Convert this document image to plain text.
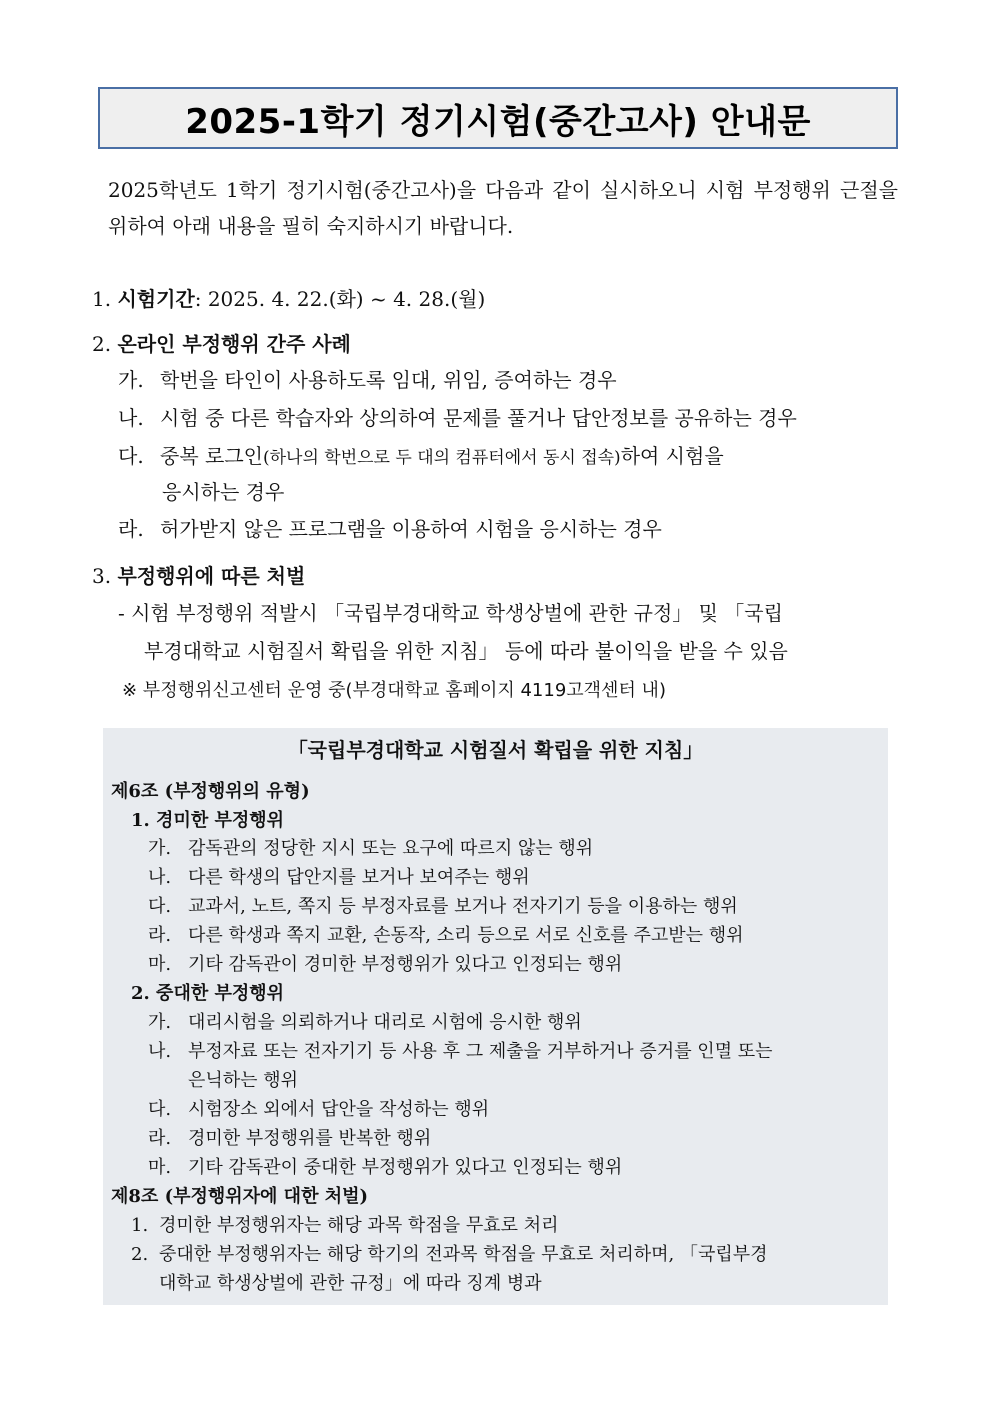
2025-1학기 정기시험(중간고사) 안내문
2025학년도 1학기 정기시험(중간고사)을 다음과 같이 실시하오니 시험 부정행위 근절을 위하여 아래 내용을 필히 숙지하시기 바랍니다.
1. 시험기간: 2025. 4. 22.(화) ~ 4. 28.(월)
2. 온라인 부정행위 간주 사례
가. 학번을 타인이 사용하도록 임대, 위임, 증여하는 경우
나. 시험 중 다른 학습자와 상의하여 문제를 풀거나 답안정보를 공유하는 경우
다. 중복 로그인(하나의 학번으로 두 대의 컴퓨터에서 동시 접속)하여 시험을
응시하는 경우
라. 허가받지 않은 프로그램을 이용하여 시험을 응시하는 경우
3. 부정행위에 따른 처벌
- 시험 부정행위 적발시 「국립부경대학교 학생상벌에 관한 규정」 및 「국립
부경대학교 시험질서 확립을 위한 지침」 등에 따라 불이익을 받을 수 있음
※ 부정행위신고센터 운영 중(부경대학교 홈페이지 4119고객센터 내)
「국립부경대학교 시험질서 확립을 위한 지침」
제6조 (부정행위의 유형)
1. 경미한 부정행위
가. 감독관의 정당한 지시 또는 요구에 따르지 않는 행위
나. 다른 학생의 답안지를 보거나 보여주는 행위
다. 교과서, 노트, 쪽지 등 부정자료를 보거나 전자기기 등을 이용하는 행위
라. 다른 학생과 쪽지 교환, 손동작, 소리 등으로 서로 신호를 주고받는 행위
마. 기타 감독관이 경미한 부정행위가 있다고 인정되는 행위
2. 중대한 부정행위
가. 대리시험을 의뢰하거나 대리로 시험에 응시한 행위
나. 부정자료 또는 전자기기 등 사용 후 그 제출을 거부하거나 증거를 인멸 또는
은닉하는 행위
다. 시험장소 외에서 답안을 작성하는 행위
라. 경미한 부정행위를 반복한 행위
마. 기타 감독관이 중대한 부정행위가 있다고 인정되는 행위
제8조 (부정행위자에 대한 처벌)
1. 경미한 부정행위자는 해당 과목 학점을 무효로 처리
2. 중대한 부정행위자는 해당 학기의 전과목 학점을 무효로 처리하며, 「국립부경
대학교 학생상벌에 관한 규정」에 따라 징계 병과
